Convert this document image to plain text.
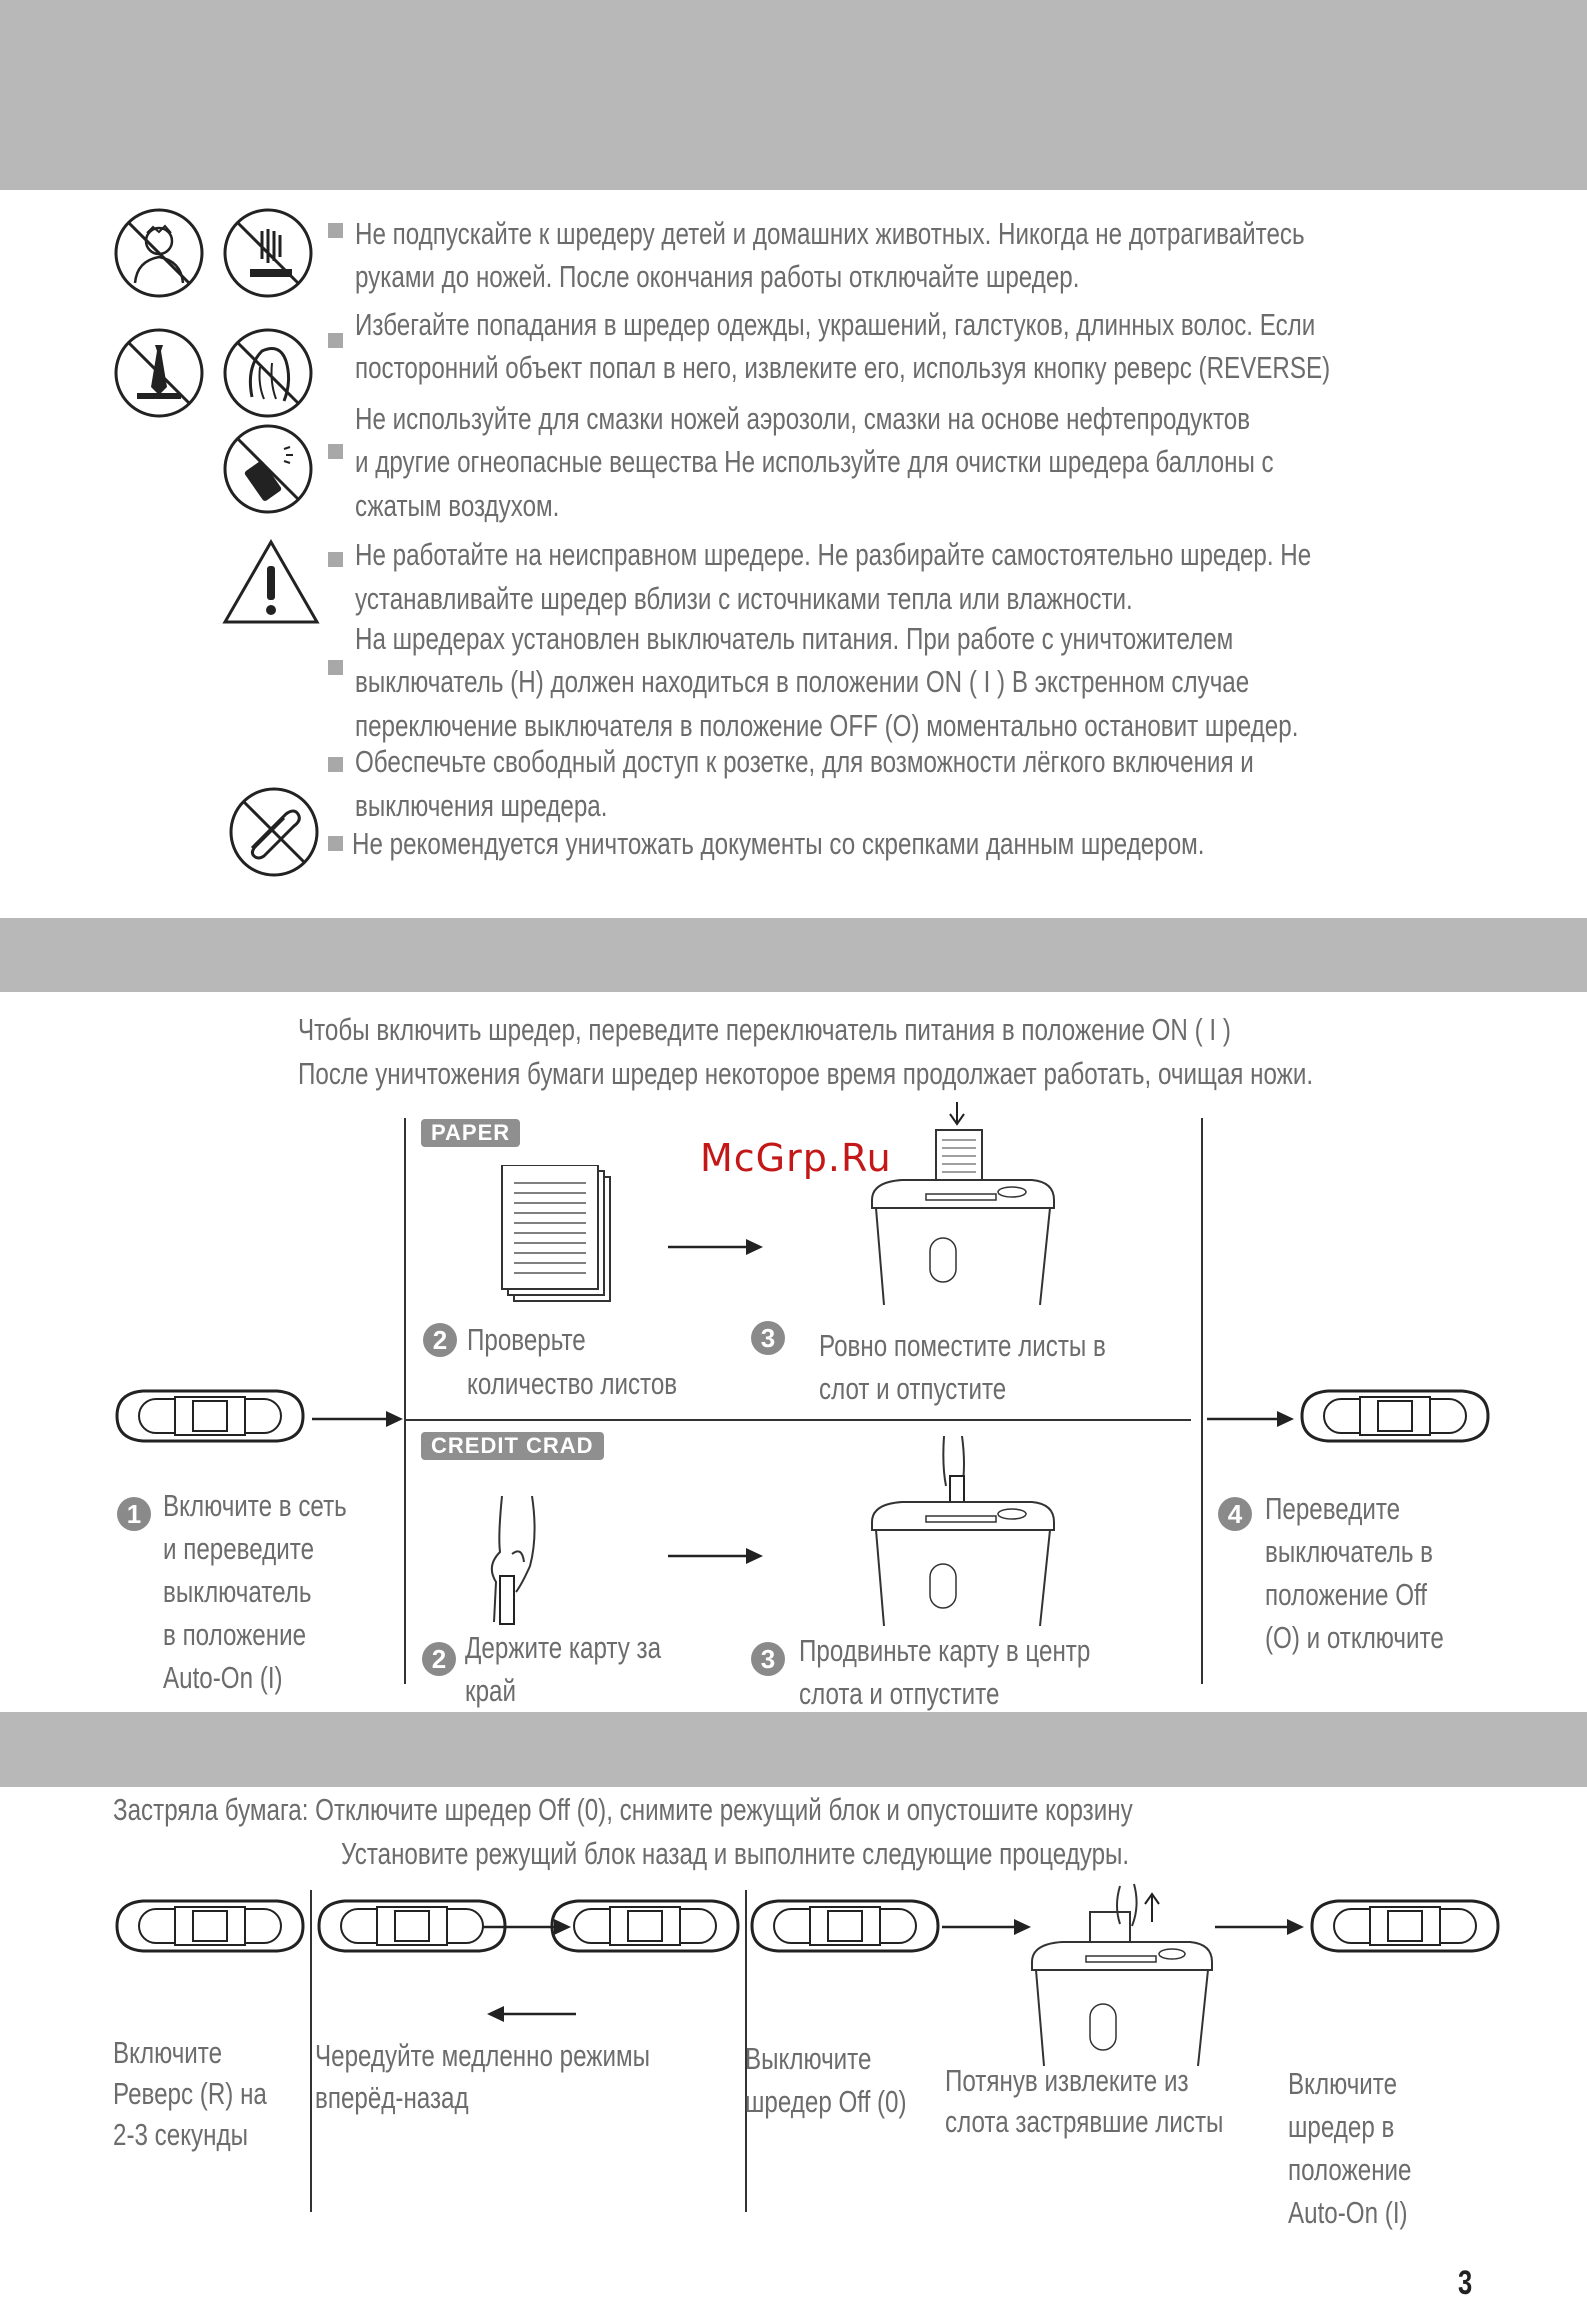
Не подпускайте к шредеру детей и домашних животных. Никогда не дотрагивайтесь
руками до ножей. После окончания работы отключайте шредер.
Избегайте попадания в шредер одежды, украшений, галстуков, длинных волос. Если
посторонний объект попал в него, извлеките его, используя кнопку реверс (REVERSE)
Не используйте для смазки ножей аэрозоли, смазки на основе нефтепродуктов
и другие огнеопасные вещества Не используйте для очистки шредера баллоны с
сжатым воздухом.
Не работайте на неисправном шредере. Не разбирайте самостоятельно шредер. Не
устанавливайте шредер вблизи с источниками тепла или влажности.
На шредерах установлен выключатель питания. При работе с уничтожителем
выключатель (Н) должен находиться в положении ON ( I ) В экстренном случае
переключение выключателя в положение OFF (O) моментально остановит шредер.
Обеспечьте свободный доступ к розетке, для возможности лёгкого включения и
выключения шредера.
Не рекомендуется уничтожать документы со скрепками данным шредером.
Чтобы включить шредер, переведите переключатель питания в положение ON ( I )
После уничтожения бумаги шредер некоторое время продолжает работать, очищая ножи.
PAPER
CREDIT CRAD
McGrp.Ru
2 Проверьте
количество листов
3	Ровно поместите листы в
слот и отпустите
1 Включите в сеть
и переведите
выключатель
в положение
Auto-On (I)
2 Держите карту за
край
3 Продвиньте карту в центр
слота и отпустите
4 Переведите
выключатель в
положение Off
(O) и отключите
Застряла бумага: Отключите шредер Off (0), снимите режущий блок и опустошите корзину
Установите режущий блок назад и выполните следующие процедуры.
Включите
Реверс (R) на
2-3 секунды
Чередуйте медленно режимы
вперёд-назад
Выключите
шредер Off (0)
Потянув извлеките из
слота застрявшие листы
Включите
шредер в
положение
Auto-On (I)
3
